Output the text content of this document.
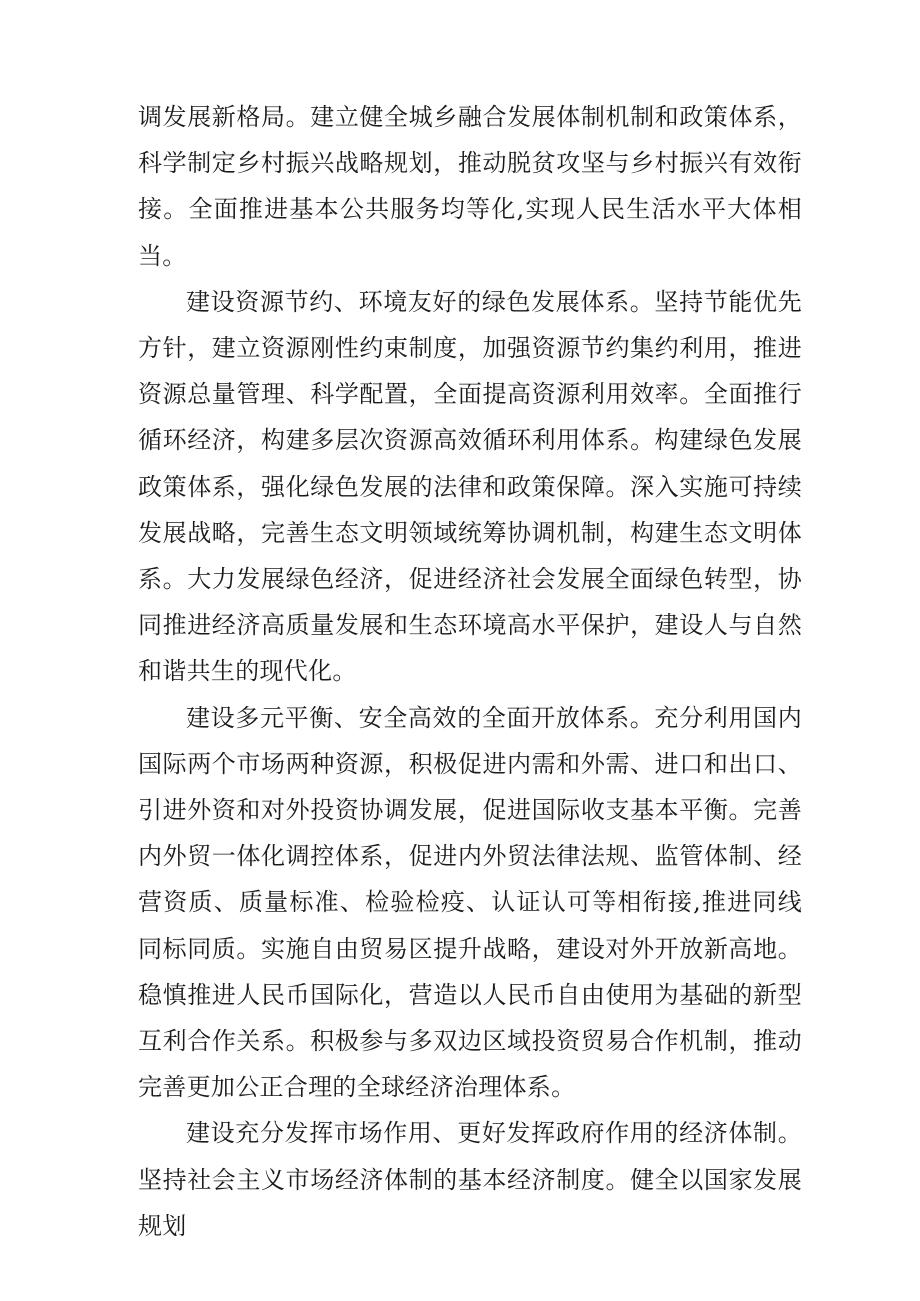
调发展新格局。建立健全城乡融合发展体制机制和政策体系，科学制定乡村振兴战略规划，推动脱贫攻坚与乡村振兴有效衔接。全面推进基本公共服务均等化,实现人民生活水平大体相当。

建设资源节约、环境友好的绿色发展体系。坚持节能优先方针，建立资源刚性约束制度，加强资源节约集约利用，推进资源总量管理、科学配置，全面提高资源利用效率。全面推行循环经济，构建多层次资源高效循环利用体系。构建绿色发展政策体系，强化绿色发展的法律和政策保障。深入实施可持续发展战略，完善生态文明领域统筹协调机制，构建生态文明体系。大力发展绿色经济，促进经济社会发展全面绿色转型，协同推进经济高质量发展和生态环境高水平保护，建设人与自然和谐共生的现代化。

建设多元平衡、安全高效的全面开放体系。充分利用国内国际两个市场两种资源，积极促进内需和外需、进口和出口、引进外资和对外投资协调发展，促进国际收支基本平衡。完善内外贸一体化调控体系，促进内外贸法律法规、监管体制、经营资质、质量标准、检验检疫、认证认可等相衔接,推进同线同标同质。实施自由贸易区提升战略，建设对外开放新高地。稳慎推进人民币国际化，营造以人民币自由使用为基础的新型互利合作关系。积极参与多双边区域投资贸易合作机制，推动完善更加公正合理的全球经济治理体系。

建设充分发挥市场作用、更好发挥政府作用的经济体制。坚持社会主义市场经济体制的基本经济制度。健全以国家发展规划
